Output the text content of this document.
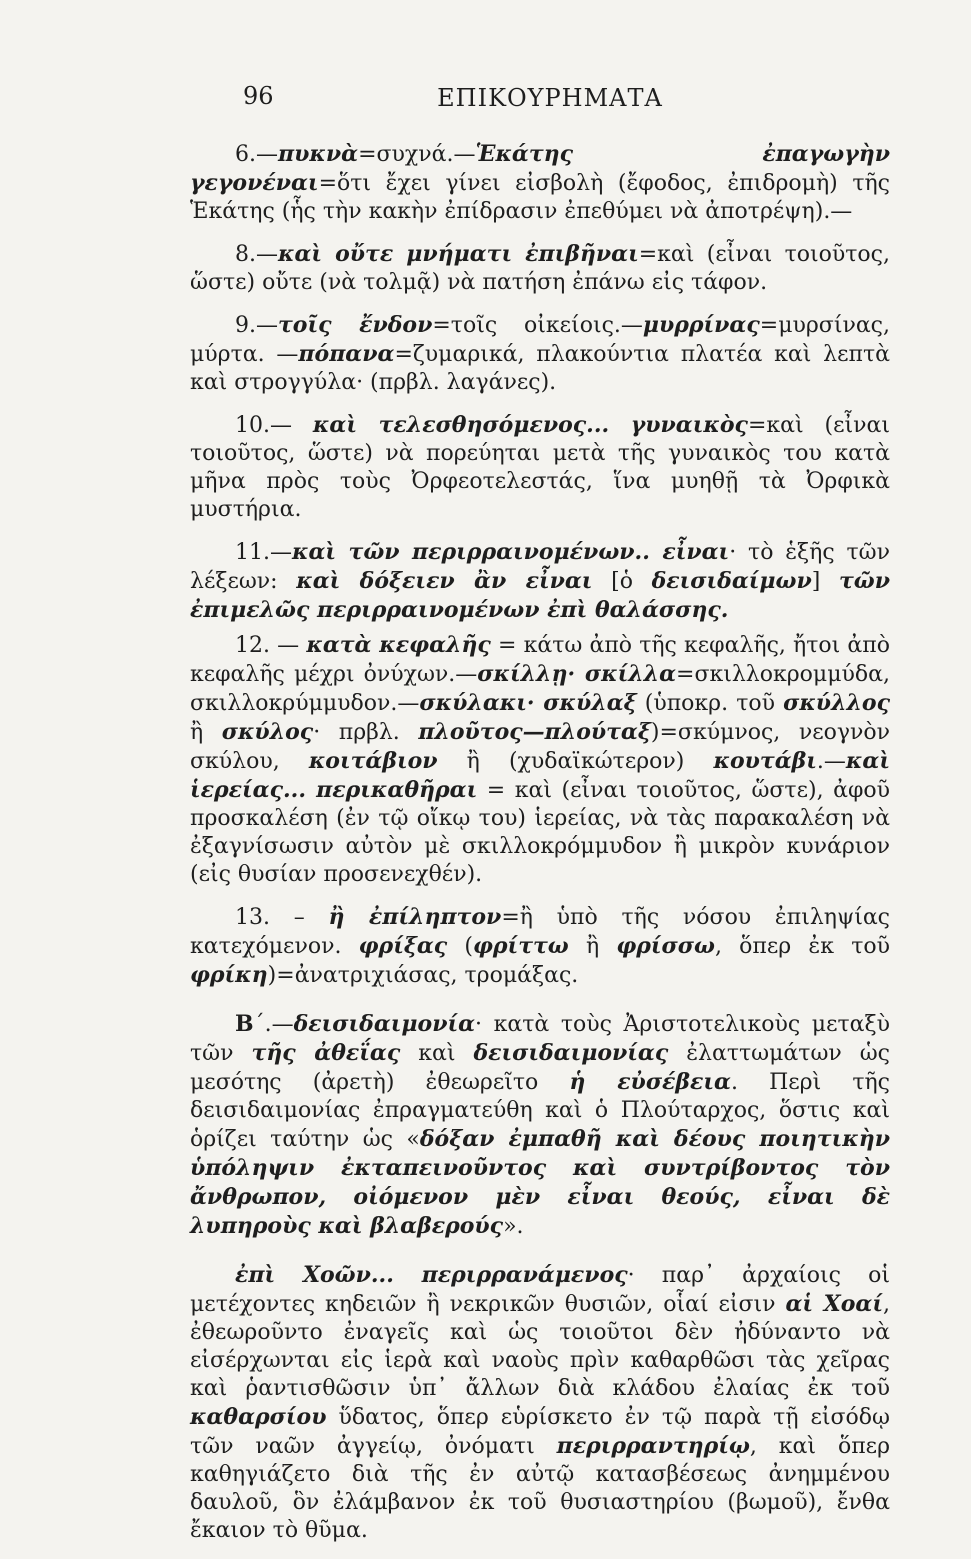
96	ΕΠΙΚΟΥΡΗΜΑΤΑ

6.—πυκνὰ=συχνά.—Ἑκάτης ἐπαγωγὴν γεγονέναι=ὅτι ἔχει γίνει εἰσβολὴ (ἔφοδος, ἐπιδρομὴ) τῆς Ἑκάτης (ἧς τὴν κακὴν ἐπίδρασιν ἐπεθύμει νὰ ἀποτρέψη).—

8.—καὶ οὔτε μνήματι ἐπιβῆναι=καὶ (εἶναι τοιοῦτος, ὥστε) οὔτε (νὰ τολμᾷ) νὰ πατήση ἐπάνω εἰς τάφον.

9.—τοῖς ἔνδον=τοῖς οἰκείοις.—μυρρίνας=μυρσίνας, μύρτα. —πόπανα=ζυμαρικά, πλακούντια πλατέα καὶ λεπτὰ καὶ στρογγύλα· (πρβλ. λαγάνες).

10.— καὶ τελεσθησόμενος... γυναικὸς=καὶ (εἶναι τοιοῦτος, ὥστε) νὰ πορεύηται μετὰ τῆς γυναικὸς του κατὰ μῆνα πρὸς τοὺς Ὀρφεοτελεστάς, ἵνα μυηθῇ τὰ Ὀρφικὰ μυστήρια.

11.—καὶ τῶν περιρραινομένων.. εἶναι· τὸ ἑξῆς τῶν λέξεων: καὶ δόξειεν ἂν εἶναι [ὁ δεισιδαίμων] τῶν ἐπιμελῶς περιρραινομένων ἐπὶ θαλάσσης.

12. — κατὰ κεφαλῆς = κάτω ἀπὸ τῆς κεφαλῆς, ἤτοι ἀπὸ κεφαλῆς μέχρι ὀνύχων.—σκίλλῃ· σκίλλα=σκιλλοκρομμύδα, σκιλλοκρύμμυδον.—σκύλακι· σκύλαξ (ὑποκρ. τοῦ σκύλλος ἢ σκύλος· πρβλ. πλοῦτος—πλούταξ)=σκύμνος, νεογνὸν σκύλου, κοιτάβιον ἢ (χυδαϊκώτερον) κουτάβι.—καὶ ἱερείας... περικαθῆραι = καὶ (εἶναι τοιοῦτος, ὥστε), ἀφοῦ προσκαλέση (ἐν τῷ οἴκῳ του) ἱερείας, νὰ τὰς παρακαλέση νὰ ἐξαγνίσωσιν αὐτὸν μὲ σκιλλοκρόμμυδον ἢ μικρὸν κυνάριον (εἰς θυσίαν προσενεχθέν).

13. – ἢ ἐπίληπτον=ἢ ὑπὸ τῆς νόσου ἐπιληψίας κατεχόμενον. φρίξας (φρίττω ἢ φρίσσω, ὅπερ ἐκ τοῦ φρίκη)=ἀνατριχιάσας, τρομάξας.

B΄.—δεισιδαιμονία· κατὰ τοὺς Ἀριστοτελικοὺς μεταξὺ τῶν τῆς ἀθεΐας καὶ δεισιδαιμονίας ἐλαττωμάτων ὡς μεσότης (ἀρετὴ) ἐθεωρεῖτο ἡ εὐσέβεια. Περὶ τῆς δεισιδαιμονίας ἐπραγματεύθη καὶ ὁ Πλούταρχος, ὅστις καὶ ὁρίζει ταύτην ὡς «δόξαν ἐμπαθῆ καὶ δέους ποιητικὴν ὑπόληψιν ἐκταπεινοῦντος καὶ συντρίβοντος τὸν ἄνθρωπον, οἰόμενον μὲν εἶναι θεούς, εἶναι δὲ λυπηροὺς καὶ βλαβερούς».

ἐπὶ Χοῶν... περιρρανάμενος· παρ᾽ ἀρχαίοις οἱ μετέχοντες κηδειῶν ἢ νεκρικῶν θυσιῶν, οἷαί εἰσιν αἱ Χοαί, ἐθεωροῦντο ἐναγεῖς καὶ ὡς τοιοῦτοι δὲν ἠδύναντο νὰ εἰσέρχωνται εἰς ἱερὰ καὶ ναοὺς πρὶν καθαρθῶσι τὰς χεῖρας καὶ ῥαντισθῶσιν ὑπ᾽ ἄλλων διὰ κλάδου ἐλαίας ἐκ τοῦ καθαρσίου ὕδατος, ὅπερ εὑρίσκετο ἐν τῷ παρὰ τῇ εἰσόδῳ τῶν ναῶν ἀγγείῳ, ὀνόματι περιρραντηρίῳ, καὶ ὅπερ καθηγιάζετο διὰ τῆς ἐν αὐτῷ κατασβέσεως ἀνημμένου δαυλοῦ, ὃν ἐλάμβανον ἐκ τοῦ θυσιαστηρίου (βωμοῦ), ἔνθα ἔκαιον τὸ θῦμα.
